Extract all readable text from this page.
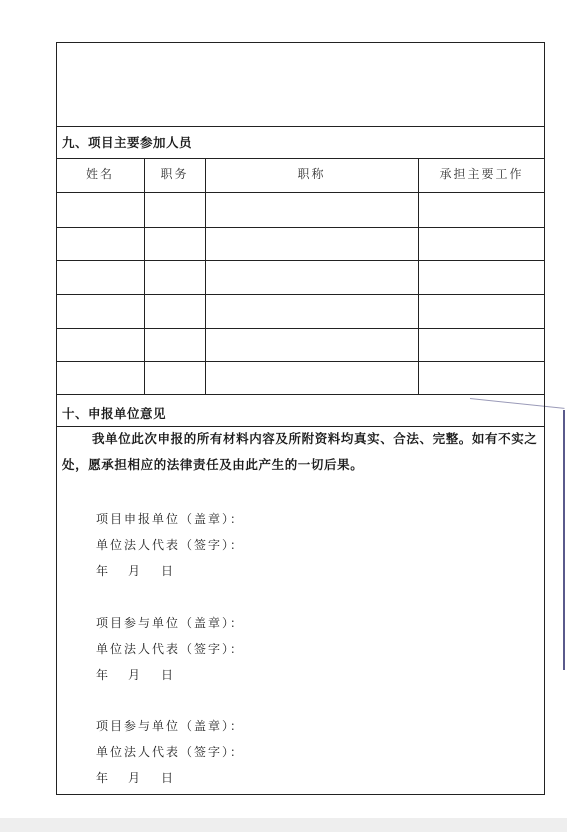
九、项目主要参加人员
姓名	职务	职称	承担主要工作
十、申报单位意见
我单位此次申报的所有材料内容及所附资料均真实、合法、完整。如有不实之
处，愿承担相应的法律责任及由此产生的一切后果。
项目申报单位（盖章）：
单位法人代表（签字）：
年 月 日
项目参与单位（盖章）：
单位法人代表（签字）：
年 月 日
项目参与单位（盖章）：
单位法人代表（签字）：
年 月 日
